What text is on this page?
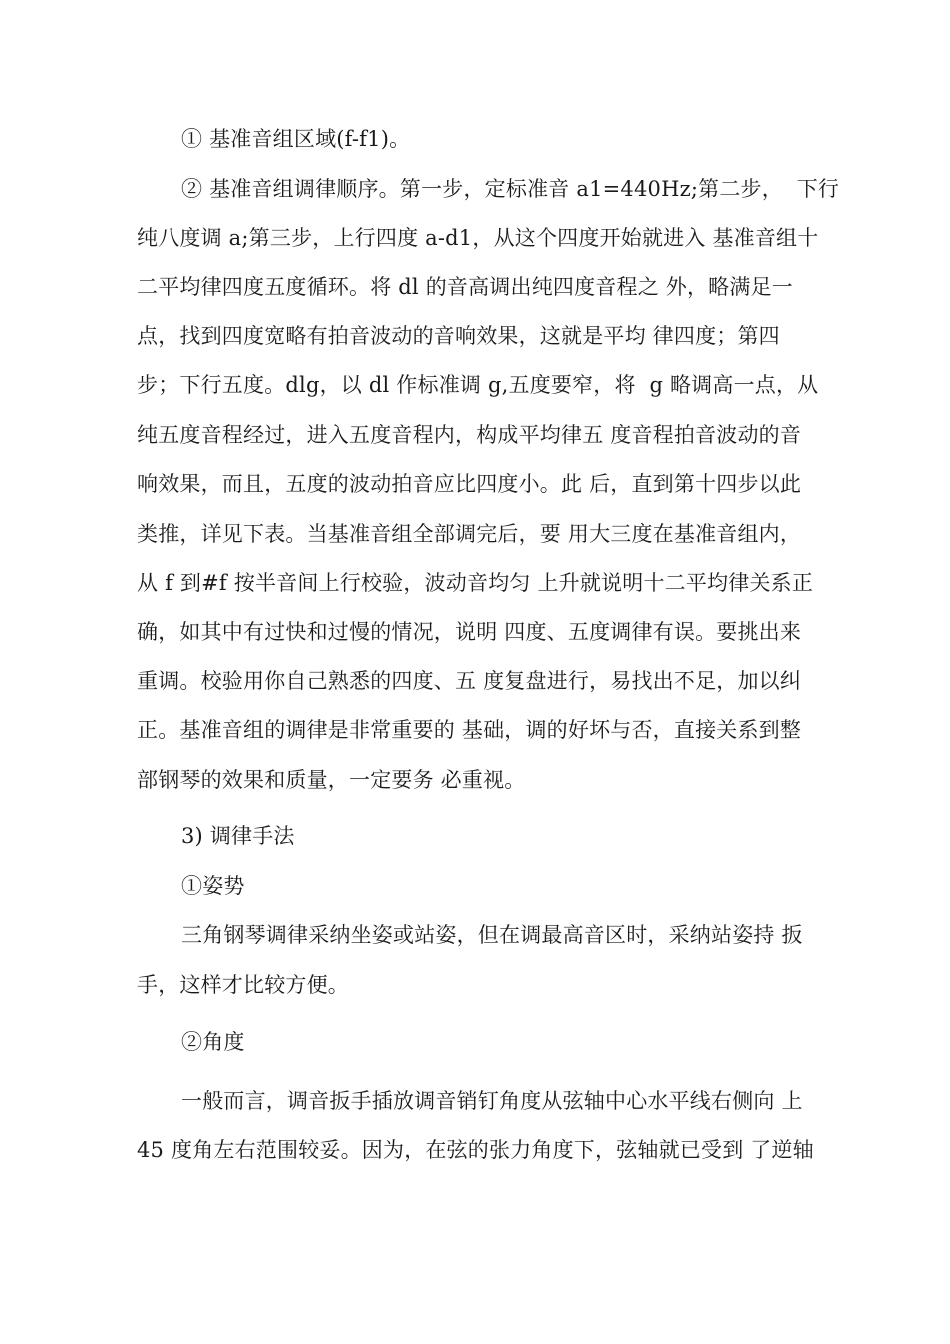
① 基准音组区域(f-f1)。
② 基准音组调律顺序。第一步，定标准音 a1=440Hz;第二步，  下行
纯八度调 a;第三步，上行四度 a-d1，从这个四度开始就进入 基准音组十
二平均律四度五度循环。将 dl 的音高调出纯四度音程之 外，略满足一
点，找到四度宽略有拍音波动的音响效果，这就是平均 律四度；第四
步；下行五度。dlg，以 dl 作标准调 g,五度要窄，将  g 略调高一点，从
纯五度音程经过，进入五度音程内，构成平均律五 度音程拍音波动的音
响效果，而且，五度的波动拍音应比四度小。此 后，直到第十四步以此
类推，详见下表。当基准音组全部调完后，要 用大三度在基准音组内，
从 f 到#f 按半音间上行校验，波动音均匀 上升就说明十二平均律关系正
确，如其中有过快和过慢的情况，说明 四度、五度调律有误。要挑出来
重调。校验用你自己熟悉的四度、五 度复盘进行，易找出不足，加以纠
正。基准音组的调律是非常重要的 基础，调的好坏与否，直接关系到整
部钢琴的效果和质量，一定要务 必重视。
3) 调律手法
①姿势
三角钢琴调律采纳坐姿或站姿，但在调最高音区时，采纳站姿持 扳
手，这样才比较方便。
②角度
一般而言，调音扳手插放调音销钉角度从弦轴中心水平线右侧向 上
45 度角左右范围较妥。因为，在弦的张力角度下，弦轴就已受到 了逆轴
